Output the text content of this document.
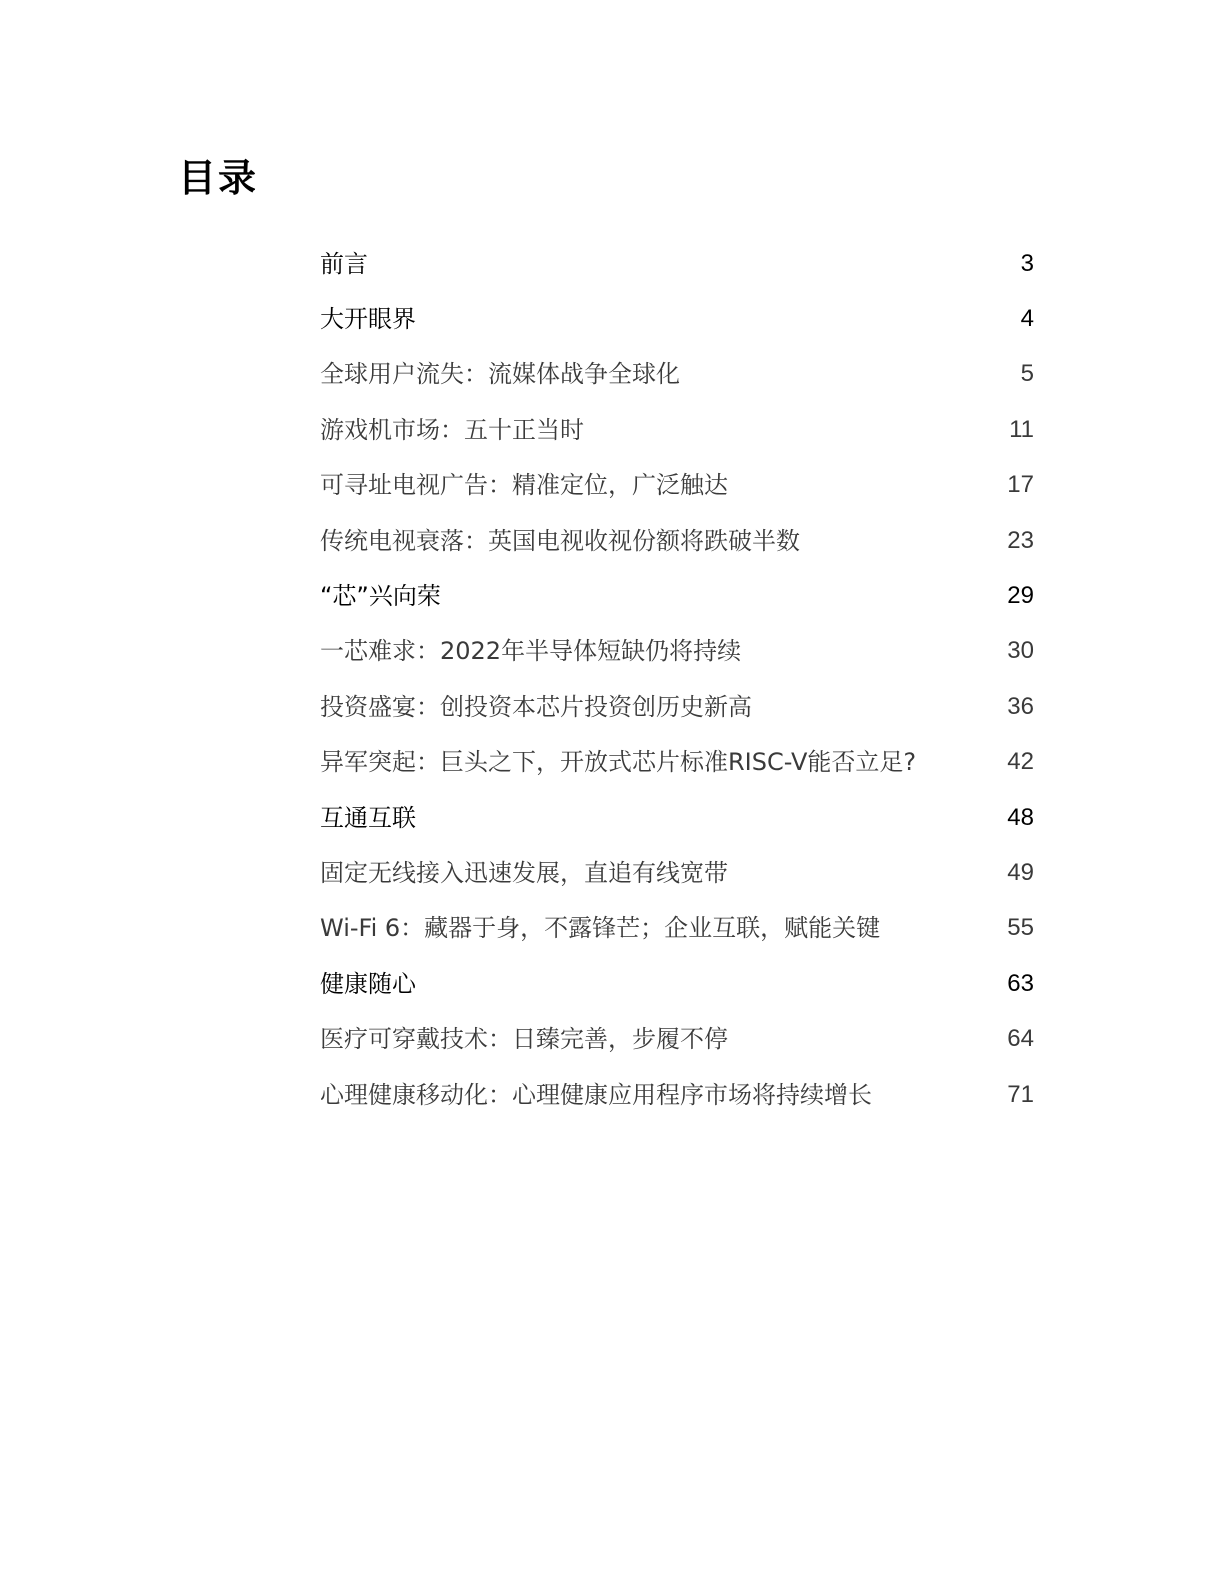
目录
前言	3
大开眼界	4
全球用户流失：流媒体战争全球化	5
游戏机市场：五十正当时	11
可寻址电视广告：精准定位，广泛触达	17
传统电视衰落：英国电视收视份额将跌破半数	23
“芯”兴向荣	29
一芯难求：2022年半导体短缺仍将持续	30
投资盛宴：创投资本芯片投资创历史新高	36
异军突起：巨头之下，开放式芯片标准RISC-V能否立足?	42
互通互联	48
固定无线接入迅速发展，直追有线宽带	49
Wi-Fi 6：藏器于身，不露锋芒；企业互联，赋能关键	55
健康随心	63
医疗可穿戴技术：日臻完善，步履不停	64
心理健康移动化：心理健康应用程序市场将持续增长	71
